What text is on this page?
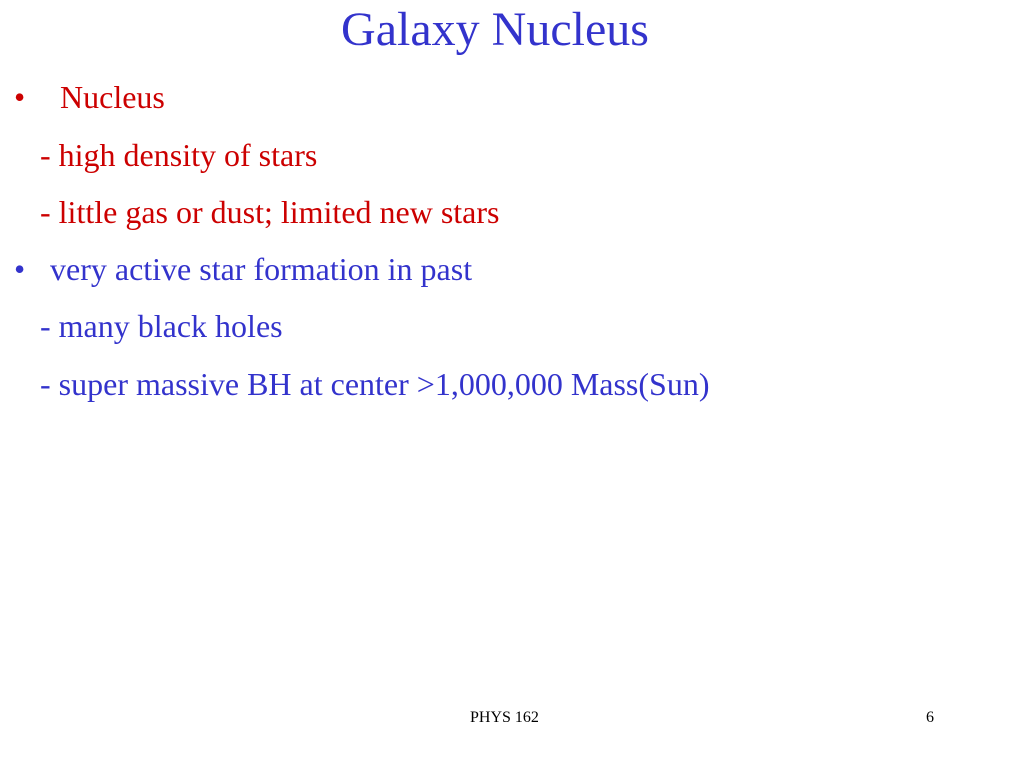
Galaxy Nucleus
• Nucleus
- high density of stars
- little gas or dust; limited new stars
• very active star formation in past
- many black holes
- super massive BH at center >1,000,000 Mass(Sun)
PHYS 162	6
